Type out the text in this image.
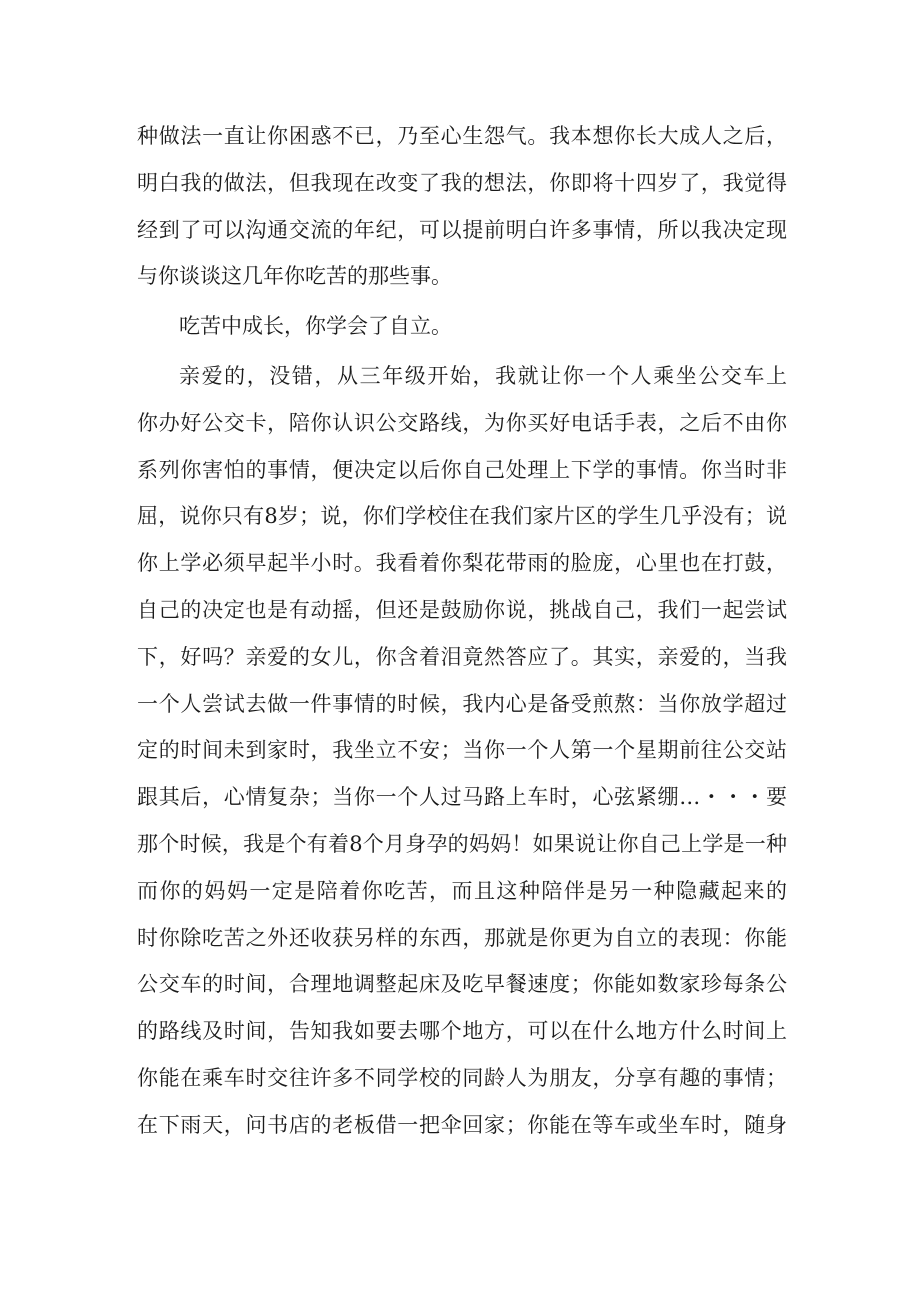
种做法一直让你困惑不已，乃至心生怨气。我本想你长大成人之后，
明白我的做法，但我现在改变了我的想法，你即将十四岁了，我觉得
经到了可以沟通交流的年纪，可以提前明白许多事情，所以我决定现
与你谈谈这几年你吃苦的那些事。
吃苦中成长，你学会了自立。
亲爱的，没错，从三年级开始，我就让你一个人乘坐公交车上
你办好公交卡，陪你认识公交路线，为你买好电话手表，之后不由你
系列你害怕的事情，便决定以后你自己处理上下学的事情。你当时非
屈，说你只有8岁；说，你们学校住在我们家片区的学生几乎没有；说
你上学必须早起半小时。我看着你梨花带雨的脸庞，心里也在打鼓，
自己的决定也是有动摇，但还是鼓励你说，挑战自己，我们一起尝试
下，好吗？亲爱的女儿，你含着泪竟然答应了。其实，亲爱的，当我
一个人尝试去做一件事情的时候，我内心是备受煎熬：当你放学超过
定的时间未到家时，我坐立不安；当你一个人第一个星期前往公交站
跟其后，心情复杂；当你一个人过马路上车时，心弦紧绷…・・・要
那个时候，我是个有着8个月身孕的妈妈！如果说让你自己上学是一种
而你的妈妈一定是陪着你吃苦，而且这种陪伴是另一种隐藏起来的
时你除吃苦之外还收获另样的东西，那就是你更为自立的表现：你能
公交车的时间，合理地调整起床及吃早餐速度；你能如数家珍每条公
的路线及时间，告知我如要去哪个地方，可以在什么地方什么时间上
你能在乘车时交往许多不同学校的同龄人为朋友，分享有趣的事情；
在下雨天，问书店的老板借一把伞回家；你能在等车或坐车时，随身
